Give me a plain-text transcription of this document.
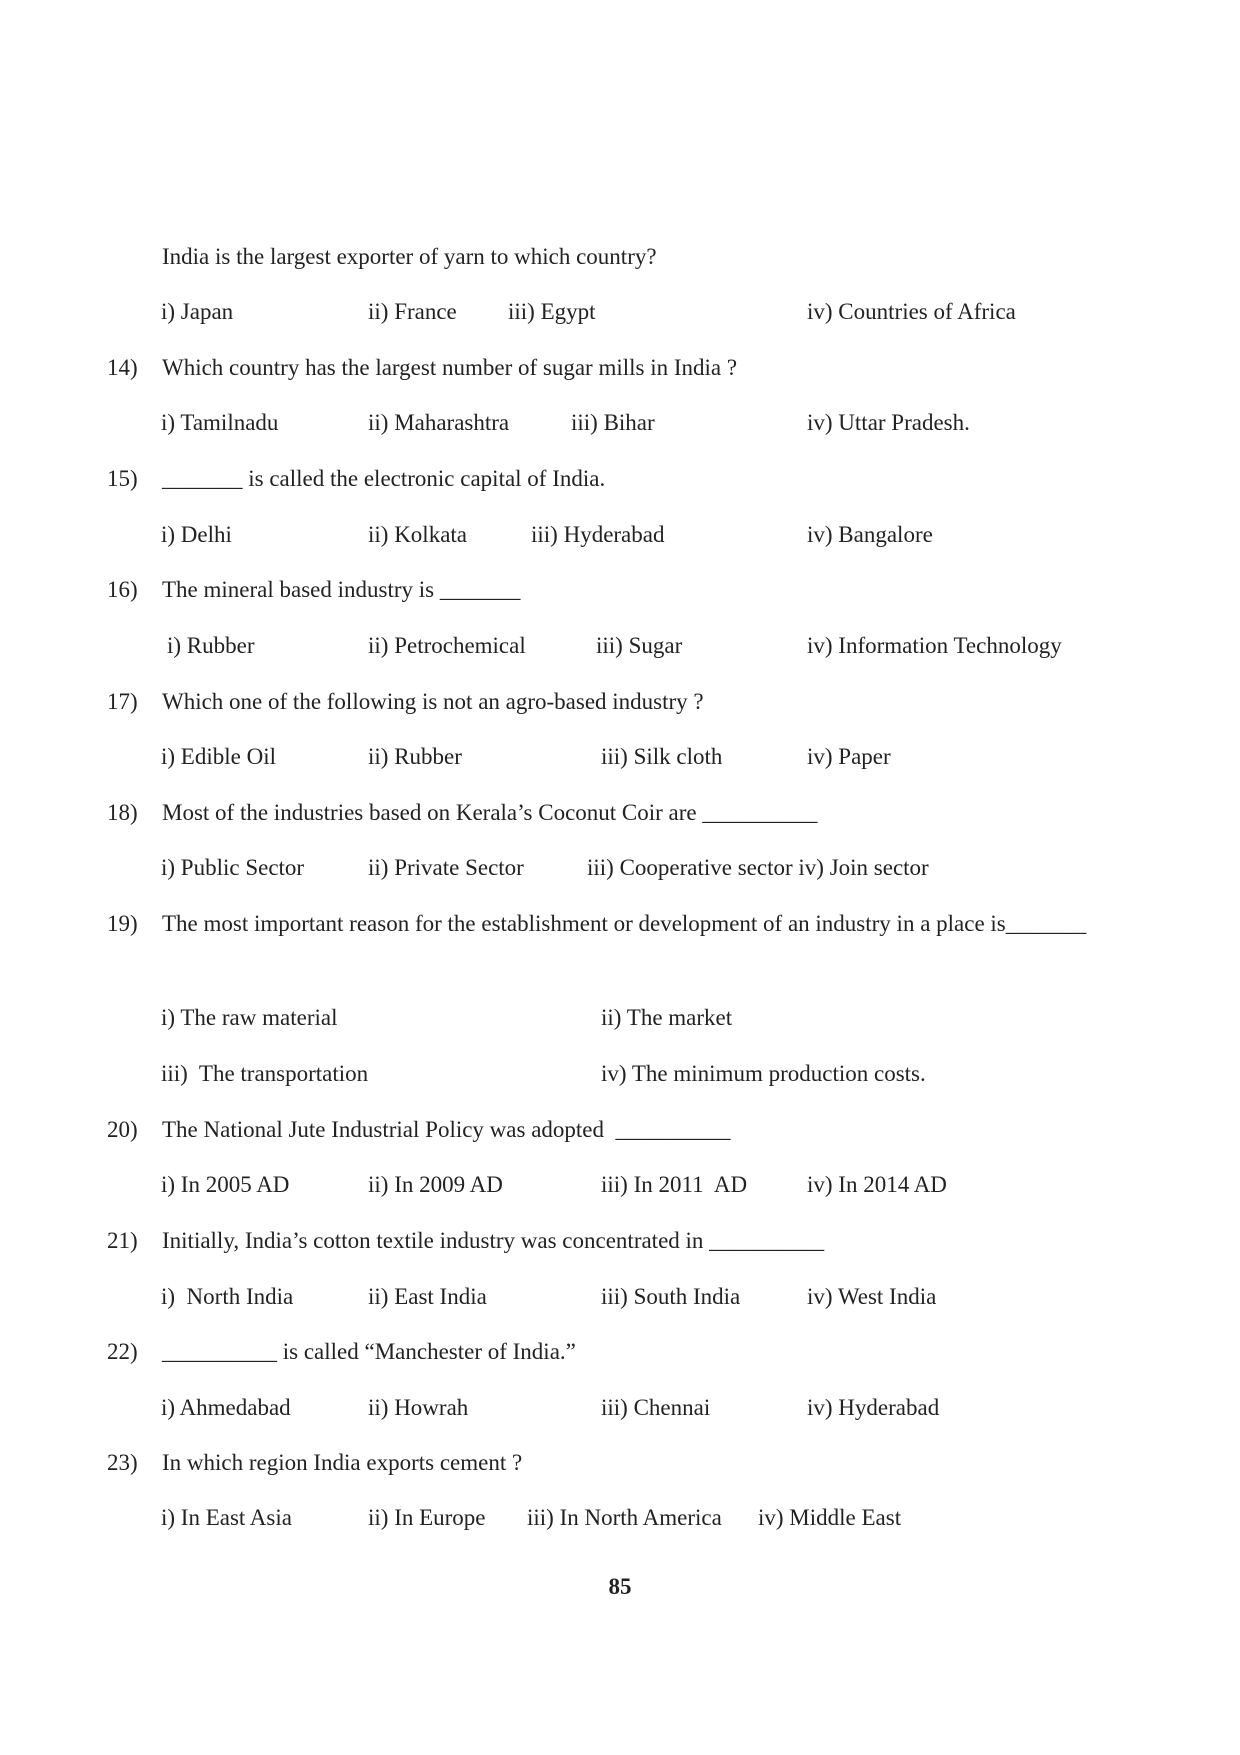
India is the largest exporter of yarn to which country?
i) Japan	ii) France iii) Egypt	iv) Countries of Africa
14) Which country has the largest number of sugar mills in India ?
i) Tamilnadu	ii) Maharashtra	iii) Bihar	iv) Uttar Pradesh.
15) _______ is called the electronic capital of India.
i) Delhi	ii) Kolkata	iii) Hyderabad	iv) Bangalore
16) The mineral based industry is _______
i) Rubber	ii) Petrochemical	iii) Sugar	iv) Information Technology
17) Which one of the following is not an agro-based industry ?
i) Edible Oil	ii) Rubber	iii) Silk cloth	iv) Paper
18) Most of the industries based on Kerala’s Coconut Coir are __________
i) Public Sector	ii) Private Sector	iii) Cooperative sector iv) Join sector
19) The most important reason for the establishment or development of an industry in a place is_______
i) The raw material	ii) The market
iii)  The transportation	iv) The minimum production costs.
20) The National Jute Industrial Policy was adopted  __________
i) In 2005 AD	ii) In 2009 AD	iii) In 2011  AD	iv) In 2014 AD
21) Initially, India’s cotton textile industry was concentrated in __________
i)  North India	ii) East India	iii) South India	iv) West India
22) __________ is called “Manchester of India.”
i) Ahmedabad	ii) Howrah	iii) Chennai	iv) Hyderabad
23) In which region India exports cement ?
i) In East Asia	ii) In Europe iii) In North America iv) Middle East
85
